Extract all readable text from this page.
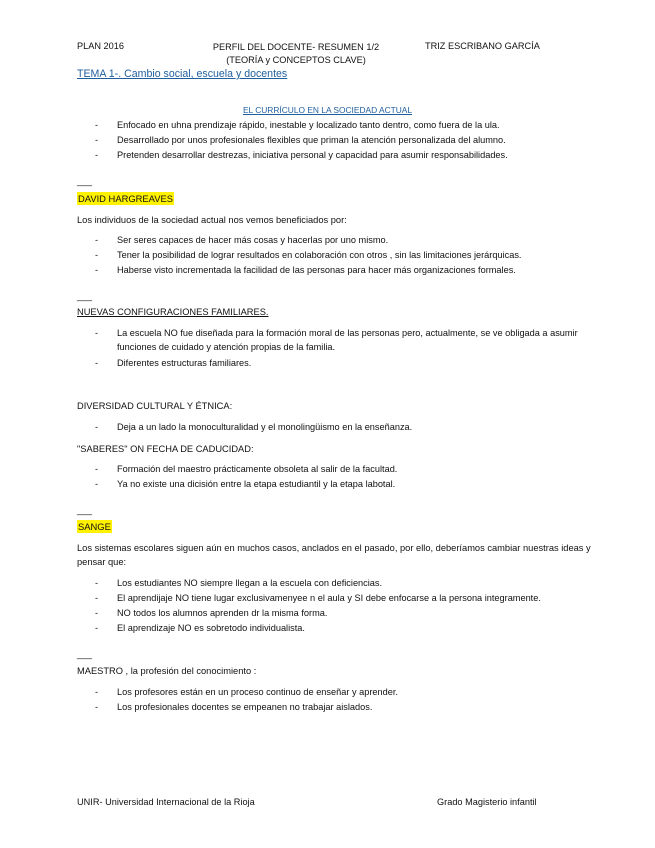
PLAN 2016	PERFIL DEL DOCENTE- RESUMEN 1/2
(TEORÍA y CONCEPTOS CLAVE)
TRIZ ESCRIBANO GARCÍA
TEMA 1-. Cambio social, escuela y docentes
EL CURRÍCULO EN LA SOCIEDAD ACTUAL
- Enfocado en uhna prendizaje rápido, inestable y localizado tanto dentro, como fuera de la ula.
- Desarrollado por unos profesionales flexibles que priman la atención personalizada del alumno.
- Pretenden desarrollar destrezas, iniciativa personal y capacidad para asumir responsabilidades.
___
DAVID HARGREAVES
Los individuos de la sociedad actual nos vemos beneficiados por:
- Ser seres capaces de hacer más cosas y hacerlas por uno mismo.
- Tener la posibilidad de lograr resultados en colaboración con otros , sin las limitaciones jerárquicas.
- Haberse visto incrementada la facilidad de las personas para hacer más organizaciones formales.
___
NUEVAS CONFIGURACIONES FAMILIARES.
- La escuela NO fue diseñada para la formación moral de las personas pero, actualmente, se ve obligada a asumir funciones de cuidado y atención propias de la familia.
- Diferentes estructuras familiares.
DIVERSIDAD CULTURAL Y ÉTNICA:
- Deja a un lado la monoculturalidad y el monolingüismo en la enseñanza.
"SABERES" ON FECHA DE CADUCIDAD:
- Formación del maestro prácticamente obsoleta al salir de la facultad.
- Ya no existe una dicisión entre la etapa estudiantil y la etapa labotal.
___
SANGE
Los sistemas escolares siguen aún en muchos casos, anclados en el pasado, por ello, deberíamos cambiar nuestras ideas y pensar que:
- Los estudiantes NO siempre llegan a la escuela con deficiencias.
- El aprendijaje NO tiene lugar exclusivamenyee n el aula y SI debe enfocarse a la persona integramente.
- NO todos los alumnos aprenden dr la misma forma.
- El aprendizaje NO es sobretodo individualista.
___
MAESTRO , la profesión del conocimiento :
- Los profesores están en un proceso continuo de enseñar y aprender.
- Los profesionales docentes se empeanen no trabajar aislados.
UNIR- Universidad Internacional de la Rioja	Grado Magisterio infantil
